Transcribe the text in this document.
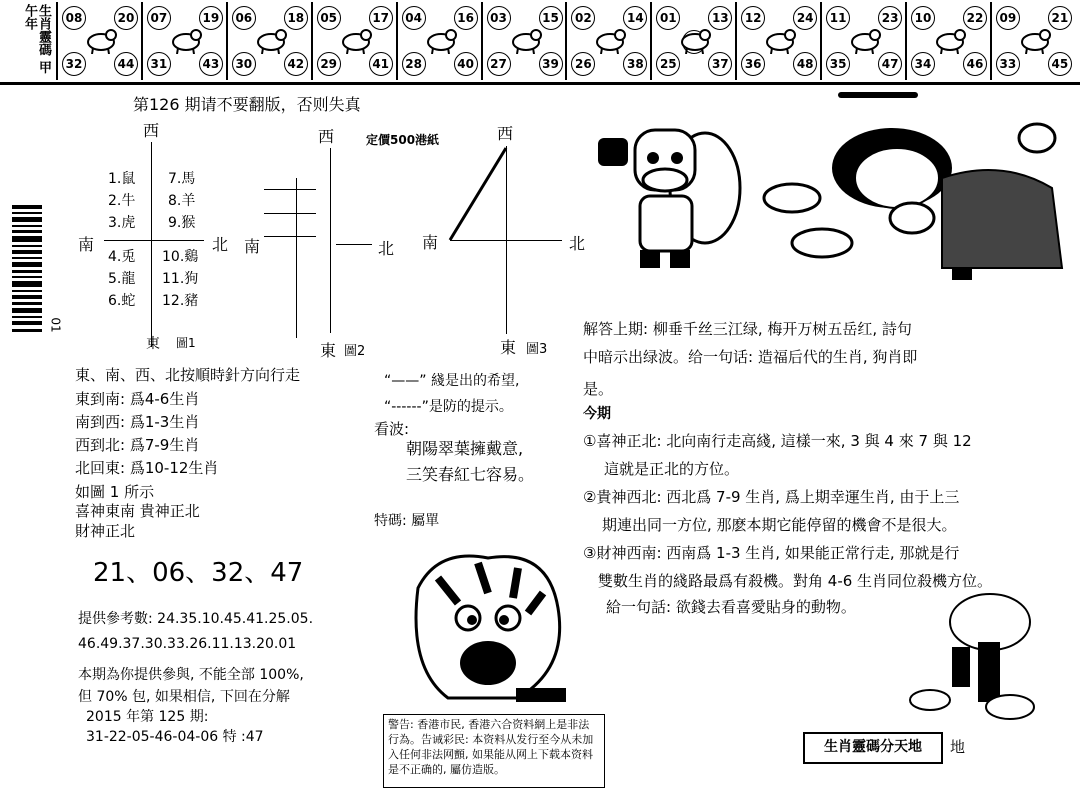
生肖靈碼 甲午年	08	20
32	44
07	19
31	43
06	18
30	42
05	17
29	41
04	16
28	40
03	15
27	39
02	14
26	38
01	13
25	37
12	24
36	48
11	23
35	47
10	22
34	46
09	21
33	45
第126 期请不要翻版，否则失真
定價500港紙
01
西
南	北
1.鼠
2.牛
3.虎
4.兎
5.龍
6.蛇
7.馬
8.羊
9.猴
10.鷄
11.狗
12.豬
東 圖1
西
南	北
東 圖2
西
南	北
東 圖3
解答上期: 柳垂千丝三江绿, 梅开万树五岳红, 詩句
中暗示出绿波。给一句话: 造福后代的生肖, 狗肖即
是。
今期
①喜神正北: 北向南行走高綫, 這樣一來, 3 與 4 來 7 與 12
這就是正北的方位。
②貴神西北: 西北爲 7-9 生肖, 爲上期幸運生肖, 由于上三
期連出同一方位, 那麽本期它能停留的機會不是很大。
③財神西南: 西南爲 1-3 生肖, 如果能正常行走, 那就是行
雙數生肖的綫路最爲有殺機。對角 4-6 生肖同位殺機方位。
給一句話: 欲錢去看喜愛貼身的動物。
東、南、西、北按順時針方向行走
東到南: 爲4-6生肖
南到西: 爲1-3生肖
西到北: 爲7-9生肖
北回東: 爲10-12生肖
如圖 1 所示
喜神東南 貴神正北
財神正北
“——” 綫是出的希望,
“------”是防的提示。
看波:
朝陽翠葉擁戴意,
三笑春紅七容易。
特碼: 屬單
21、06、32、47
提供參考數: 24.35.10.45.41.25.05.
46.49.37.30.33.26.11.13.20.01
本期為你提供參與, 不能全部 100%,
但 70% 包, 如果相信, 下回在分解
2015 年第 125 期:
31-22-05-46-04-06 特 :47
警告: 香港市民, 香港六合资料網上是非法行為。告诫彩民: 本资料从发行至今从未加入任何非法网顫, 如果能从网上下载本资料是不正确的, 屬仿造版。
生肖靈碼分天地	地
